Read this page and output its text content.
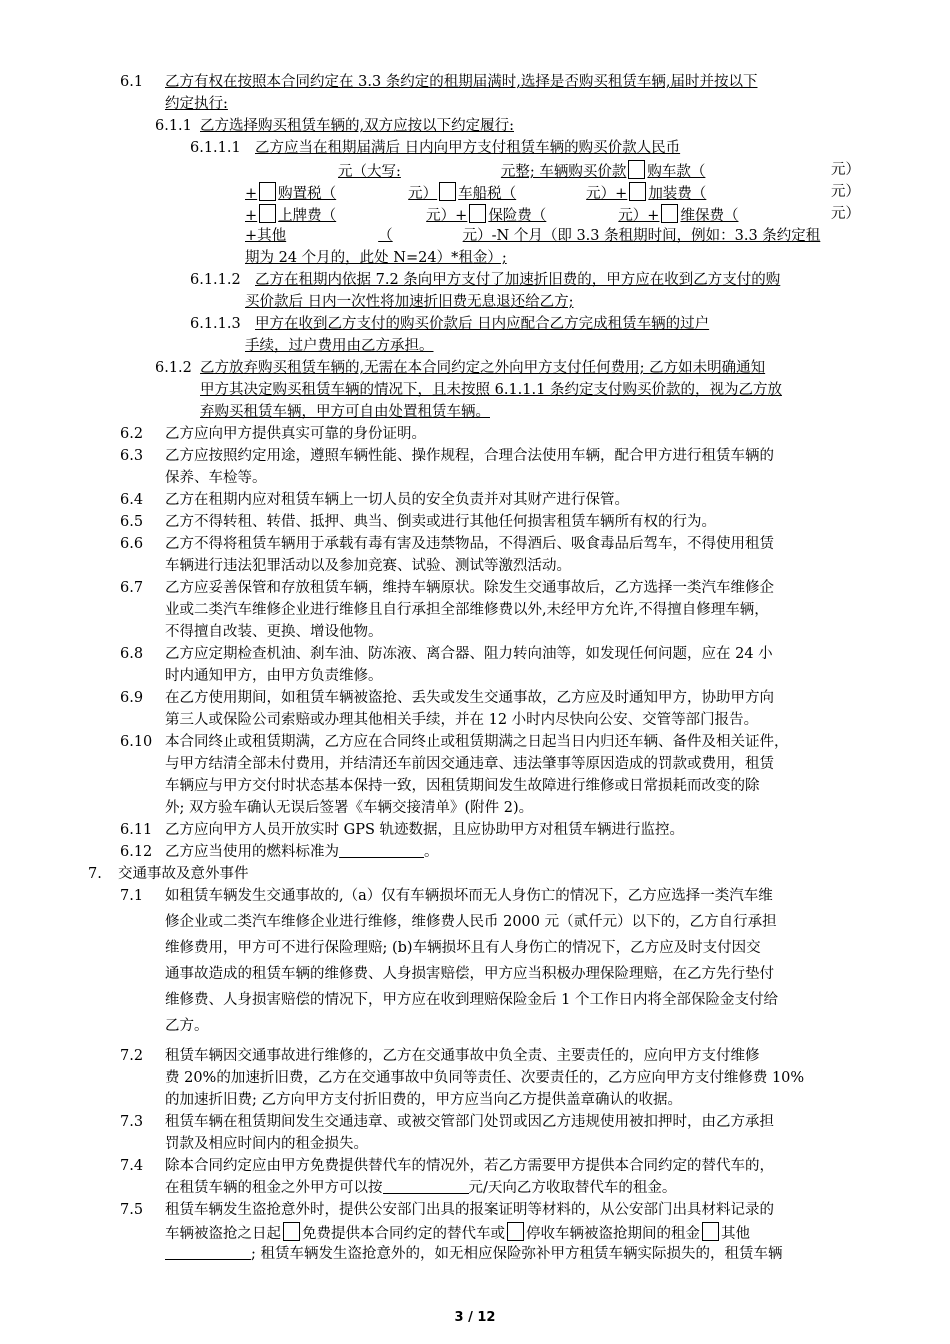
6.1 乙方有权在按照本合同约定在 3.3 条约定的租期届满时,选择是否购买租赁车辆,届时并按以下
约定执行:
6.1.1 乙方选择购买租赁车辆的,双方应按以下约定履行:
6.1.1.1 乙方应当在租期届满后 日内向甲方支付租赁车辆的购买价款人民币
元（大写:	元整; 车辆购买价款 购车款（	元）
+ 购置税（	元） 车船税（	元）+ 加装费（	元）
+ 上牌费（	元）+ 保险费（	元）+ 维保费（	元）
+其他	（	元）-N 个月（即 3.3 条租期时间，例如：3.3 条约定租
期为 24 个月的，此处 N=24）*租金）;
6.1.1.2 乙方在租期内依据 7.2 条向甲方支付了加速折旧费的，甲方应在收到乙方支付的购
买价款后 日内一次性将加速折旧费无息退还给乙方;
6.1.1.3 甲方在收到乙方支付的购买价款后 日内应配合乙方完成租赁车辆的过户
手续，过户费用由乙方承担。
6.1.2 乙方放弃购买租赁车辆的,无需在本合同约定之外向甲方支付任何费用; 乙方如未明确通知
甲方其决定购买租赁车辆的情况下，且未按照 6.1.1.1 条约定支付购买价款的，视为乙方放
弃购买租赁车辆，甲方可自由处置租赁车辆。
6.2 乙方应向甲方提供真实可靠的身份证明。
6.3 乙方应按照约定用途，遵照车辆性能、操作规程，合理合法使用车辆，配合甲方进行租赁车辆的
保养、车检等。
6.4 乙方在租期内应对租赁车辆上一切人员的安全负责并对其财产进行保管。
6.5 乙方不得转租、转借、抵押、典当、倒卖或进行其他任何损害租赁车辆所有权的行为。
6.6 乙方不得将租赁车辆用于承载有毒有害及违禁物品，不得酒后、吸食毒品后驾车，不得使用租赁
车辆进行违法犯罪活动以及参加竞赛、试验、测试等激烈活动。
6.7 乙方应妥善保管和存放租赁车辆，维持车辆原状。除发生交通事故后，乙方选择一类汽车维修企
业或二类汽车维修企业进行维修且自行承担全部维修费以外,未经甲方允许,不得擅自修理车辆，
不得擅自改装、更换、增设他物。
6.8 乙方应定期检查机油、刹车油、防冻液、离合器、阻力转向油等，如发现任何问题，应在 24 小
时内通知甲方，由甲方负责维修。
6.9 在乙方使用期间，如租赁车辆被盗抢、丢失或发生交通事故，乙方应及时通知甲方，协助甲方向
第三人或保险公司索赔或办理其他相关手续，并在 12 小时内尽快向公安、交管等部门报告。
6.10 本合同终止或租赁期满，乙方应在合同终止或租赁期满之日起当日内归还车辆、备件及相关证件，
与甲方结清全部未付费用，并结清还车前因交通违章、违法肇事等原因造成的罚款或费用，租赁
车辆应与甲方交付时状态基本保持一致，因租赁期间发生故障进行维修或日常损耗而改变的除
外; 双方验车确认无误后签署《车辆交接清单》(附件 2)。
6.11 乙方应向甲方人员开放实时 GPS 轨迹数据，且应协助甲方对租赁车辆进行监控。
6.12 乙方应当使用的燃料标准为	。
7. 交通事故及意外事件
7.1 如租赁车辆发生交通事故的,（a）仅有车辆损坏而无人身伤亡的情况下，乙方应选择一类汽车维
修企业或二类汽车维修企业进行维修，维修费人民币 2000 元（贰仟元）以下的，乙方自行承担
维修费用，甲方可不进行保险理赔; (b)车辆损坏且有人身伤亡的情况下，乙方应及时支付因交
通事故造成的租赁车辆的维修费、人身损害赔偿，甲方应当积极办理保险理赔，在乙方先行垫付
维修费、人身损害赔偿的情况下，甲方应在收到理赔保险金后 1 个工作日内将全部保险金支付给
乙方。
7.2 租赁车辆因交通事故进行维修的，乙方在交通事故中负全责、主要责任的，应向甲方支付维修
费 20%的加速折旧费，乙方在交通事故中负同等责任、次要责任的，乙方应向甲方支付维修费 10%
的加速折旧费; 乙方向甲方支付折旧费的，甲方应当向乙方提供盖章确认的收据。
7.3 租赁车辆在租赁期间发生交通违章、或被交管部门处罚或因乙方违规使用被扣押时，由乙方承担
罚款及相应时间内的租金损失。
7.4 除本合同约定应由甲方免费提供替代车的情况外，若乙方需要甲方提供本合同约定的替代车的，
在租赁车辆的租金之外甲方可以按	元/天向乙方收取替代车的租金。
7.5 租赁车辆发生盗抢意外时，提供公安部门出具的报案证明等材料的，从公安部门出具材料记录的
车辆被盗抢之日起 免费提供本合同约定的替代车或 停收车辆被盗抢期间的租金 其他
; 租赁车辆发生盗抢意外的，如无相应保险弥补甲方租赁车辆实际损失的，租赁车辆
3 / 12
